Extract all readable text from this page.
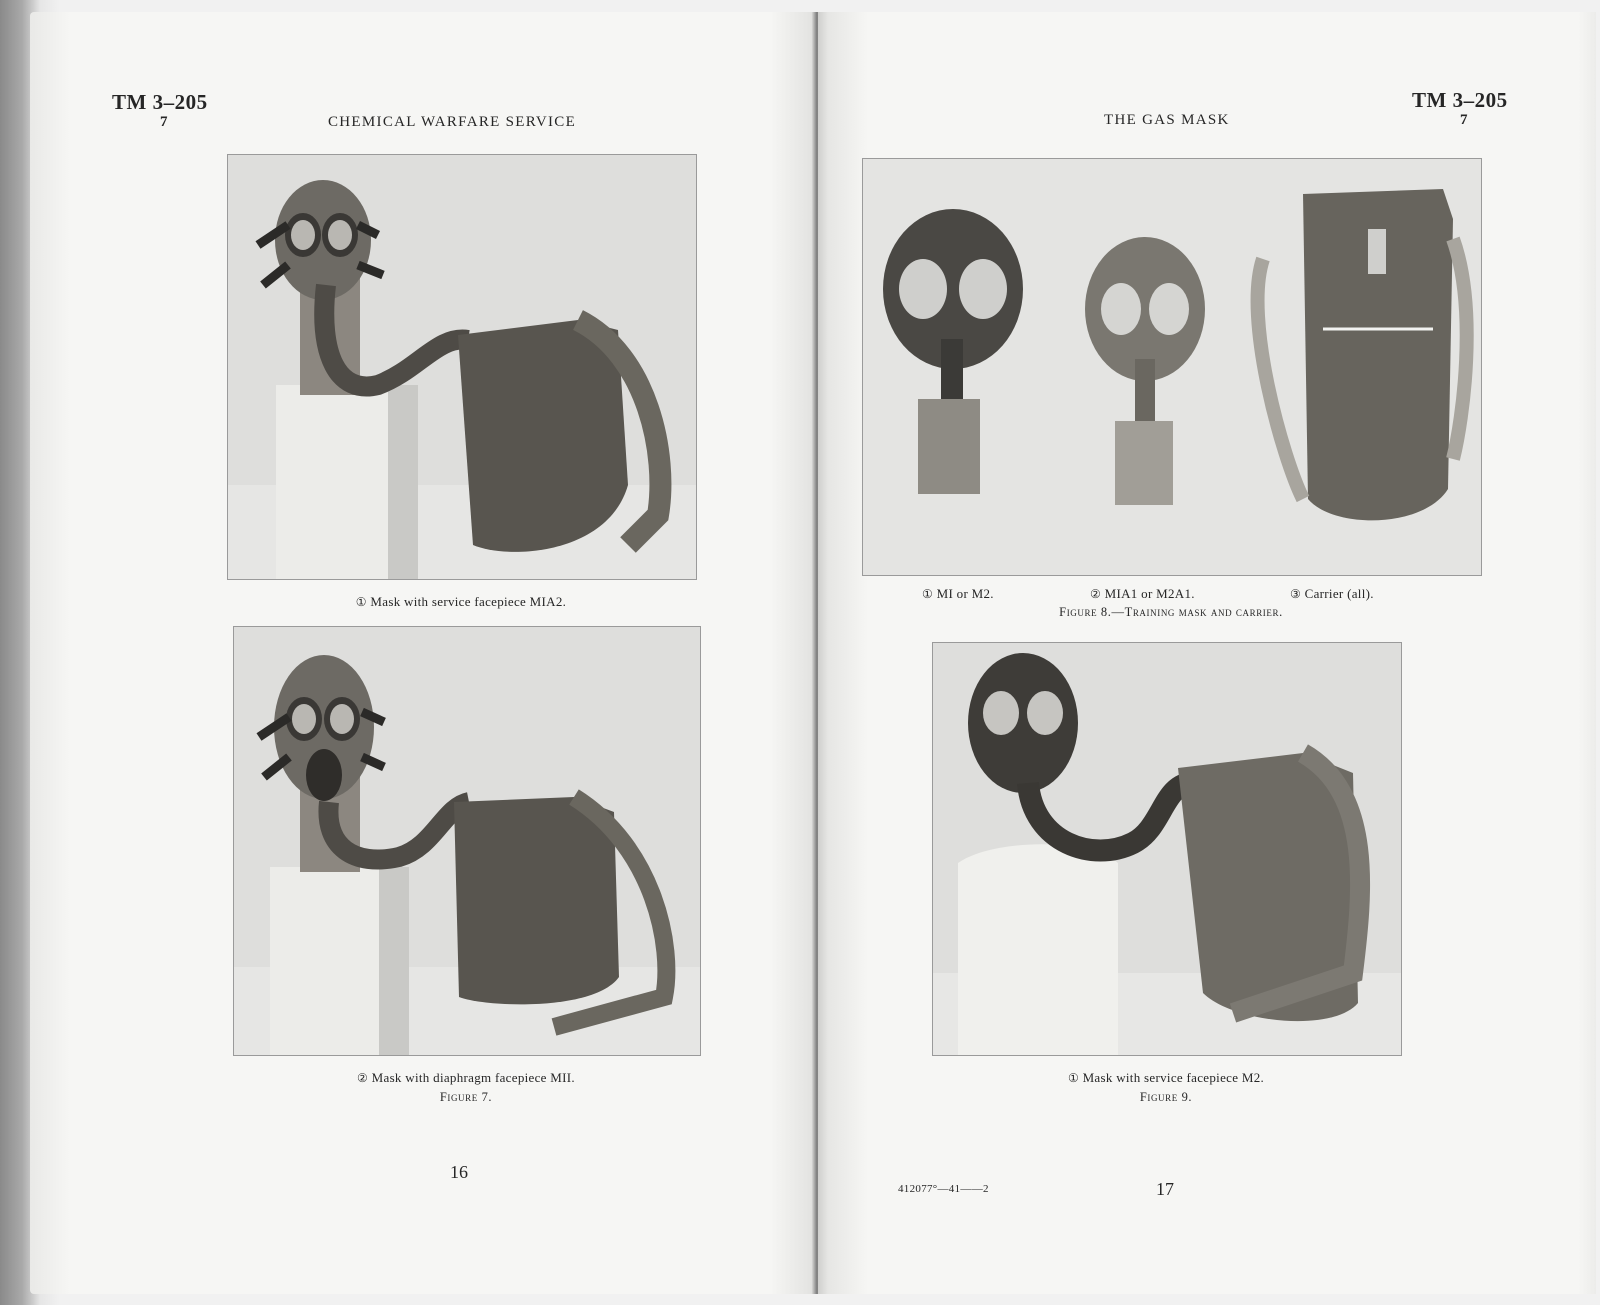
TM 3–205
7	CHEMICAL WARFARE SERVICE
① Mask with service facepiece MIA2.
② Mask with diaphragm facepiece MII.
Figure 7.
16
THE GAS MASK
TM 3–205
7
① MI or M2.	② MIA1 or M2A1.	③ Carrier (all).
Figure 8.—Training mask and carrier.
① Mask with service facepiece M2.
Figure 9.
412077°—41——2	17
